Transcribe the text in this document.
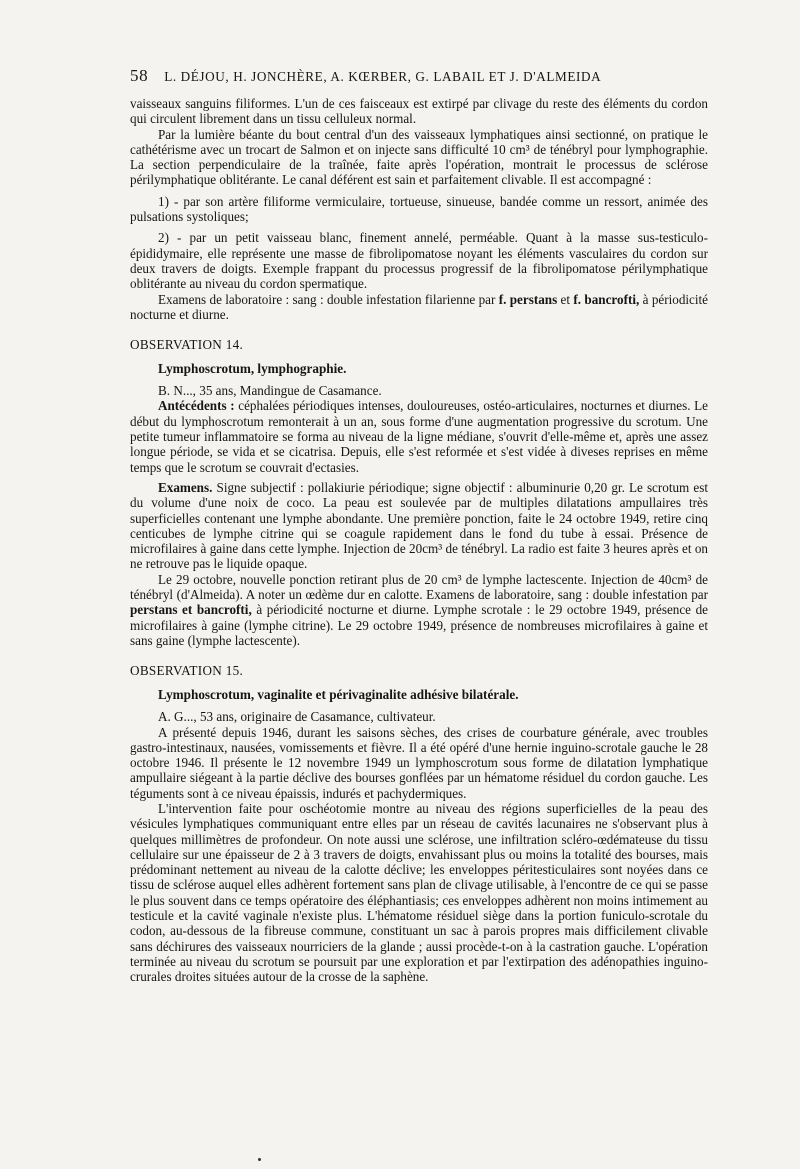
58 L. DÉJOU, H. JONCHÈRE, A. KŒRBER, G. LABAIL ET J. D'ALMEIDA

vaisseaux sanguins filiformes. L'un de ces faisceaux est extirpé par clivage du reste des éléments du cordon qui circulent librement dans un tissu celluleux normal.

Par la lumière béante du bout central d'un des vaisseaux lymphatiques ainsi sectionné, on pratique le cathétérisme avec un trocart de Salmon et on injecte sans difficulté 10 cm³ de ténébryl pour lymphographie. La section perpendiculaire de la traînée, faite après l'opération, montrait le processus de sclérose périlymphatique oblitérante. Le canal déférent est sain et parfaitement clivable. Il est accompagné :

1) - par son artère filiforme vermiculaire, tortueuse, sinueuse, bandée comme un ressort, animée des pulsations systoliques;

2) - par un petit vaisseau blanc, finement annelé, perméable. Quant à la masse sus-testiculo-épididymaire, elle représente une masse de fibrolipomatose noyant les éléments vasculaires du cordon sur deux travers de doigts. Exemple frappant du processus progressif de la fibrolipomatose périlymphatique oblitérante au niveau du cordon spermatique.

Examens de laboratoire : sang : double infestation filarienne par f. perstans et f. bancrofti, à périodicité nocturne et diurne.

OBSERVATION 14.
Lymphoscrotum, lymphographie.

B. N..., 35 ans, Mandingue de Casamance.

Antécédents : céphalées périodiques intenses, douloureuses, ostéo-articulaires, nocturnes et diurnes. Le début du lymphoscrotum remonterait à un an, sous forme d'une augmentation progressive du scrotum. Une petite tumeur inflammatoire se forma au niveau de la ligne médiane, s'ouvrit d'elle-même et, après une assez longue période, se vida et se cicatrisa. Depuis, elle s'est reformée et s'est vidée à diveses reprises en même temps que le scrotum se couvrait d'ectasies.

Examens. Signe subjectif : pollakiurie périodique; signe objectif : albuminurie 0,20 gr. Le scrotum est du volume d'une noix de coco. La peau est soulevée par de multiples dilatations ampullaires très superficielles contenant une lymphe abondante. Une première ponction, faite le 24 octobre 1949, retire cinq centicubes de lymphe citrine qui se coagule rapidement dans le fond du tube à essai. Présence de microfilaires à gaine dans cette lymphe. Injection de 20cm³ de ténébryl. La radio est faite 3 heures après et on ne retrouve pas le liquide opaque.

Le 29 octobre, nouvelle ponction retirant plus de 20 cm³ de lymphe lactescente. Injection de 40cm³ de ténébryl (d'Almeida). A noter un œdème dur en calotte. Examens de laboratoire, sang : double infestation par perstans et bancrofti, à périodicité nocturne et diurne. Lymphe scrotale : le 29 octobre 1949, présence de microfilaires à gaine (lymphe citrine). Le 29 octobre 1949, présence de nombreuses microfilaires à gaine et sans gaine (lymphe lactescente).

OBSERVATION 15.
Lymphoscrotum, vaginalite et périvaginalite adhésive bilatérale.

A. G..., 53 ans, originaire de Casamance, cultivateur.

A présenté depuis 1946, durant les saisons sèches, des crises de courbature générale, avec troubles gastro-intestinaux, nausées, vomissements et fièvre. Il a été opéré d'une hernie inguino-scrotale gauche le 28 octobre 1946. Il présente le 12 novembre 1949 un lymphoscrotum sous forme de dilatation lymphatique ampullaire siégeant à la partie déclive des bourses gonflées par un hématome résiduel du cordon gauche. Les téguments sont à ce niveau épaissis, indurés et pachydermiques.

L'intervention faite pour oschéotomie montre au niveau des régions superficielles de la peau des vésicules lymphatiques communiquant entre elles par un réseau de cavités lacunaires ne s'observant plus à quelques millimètres de profondeur. On note aussi une sclérose, une infiltration scléro-œdémateuse du tissu cellulaire sur une épaisseur de 2 à 3 travers de doigts, envahissant plus ou moins la totalité des bourses, mais prédominant nettement au niveau de la calotte déclive; les enveloppes péritesticulaires sont noyées dans ce tissu de sclérose auquel elles adhèrent fortement sans plan de clivage utilisable, à l'encontre de ce qui se passe le plus souvent dans ce temps opératoire des éléphantiasis; ces enveloppes adhèrent non moins intimement au testicule et la cavité vaginale n'existe plus. L'hématome résiduel siège dans la portion funiculo-scrotale du codon, au-dessous de la fibreuse commune, constituant un sac à parois propres mais difficilement clivable sans déchirures des vaisseaux nourriciers de la glande ; aussi procède-t-on à la castration gauche. L'opération terminée au niveau du scrotum se poursuit par une exploration et par l'extirpation des adénopathies inguino-crurales droites situées autour de la crosse de la saphène.
